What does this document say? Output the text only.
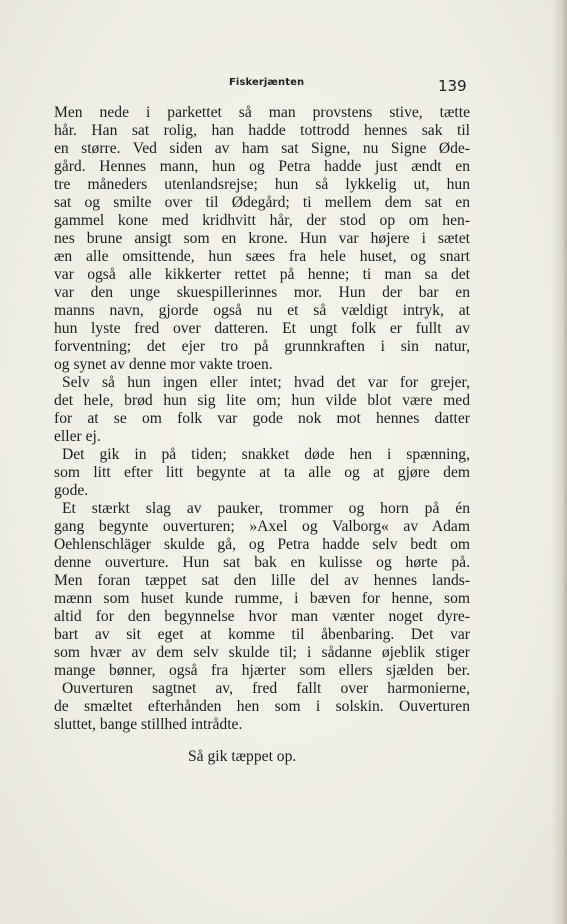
Fiskerjænten	139
Men nede i parkettet så man provstens stive, tætte
hår. Han sat rolig, han hadde tottrodd hennes sak til
en større. Ved siden av ham sat Signe, nu Signe Øde-
gård. Hennes mann, hun og Petra hadde just ændt en
tre måneders utenlandsrejse; hun så lykkelig ut, hun
sat og smilte over til Ødegård; ti mellem dem sat en
gammel kone med kridhvitt hår, der stod op om hen-
nes brune ansigt som en krone. Hun var højere i sætet
æn alle omsittende, hun sæes fra hele huset, og snart
var også alle kikkerter rettet på henne; ti man sa det
var den unge skuespillerinnes mor. Hun der bar en
manns navn, gjorde også nu et så vældigt intryk, at
hun lyste fred over datteren. Et ungt folk er fullt av
forventning; det ejer tro på grunnkraften i sin natur,
og synet av denne mor vakte troen.
Selv så hun ingen eller intet; hvad det var for grejer,
det hele, brød hun sig lite om; hun vilde blot være med
for at se om folk var gode nok mot hennes datter
eller ej.
Det gik in på tiden; snakket døde hen i spænning,
som litt efter litt begynte at ta alle og at gjøre dem
gode.
Et stærkt slag av pauker, trommer og horn på én
gang begynte ouverturen; »Axel og Valborg« av Adam
Oehlenschläger skulde gå, og Petra hadde selv bedt om
denne ouverture. Hun sat bak en kulisse og hørte på.
Men foran tæppet sat den lille del av hennes lands-
mænn som huset kunde rumme, i bæven for henne, som
altid for den begynnelse hvor man vænter noget dyre-
bart av sit eget at komme til åbenbaring. Det var
som hvær av dem selv skulde til; i sådanne øjeblik stiger
mange bønner, også fra hjærter som ellers sjælden ber.
Ouverturen sagtnet av, fred fallt over harmonierne,
de smæltet efterhånden hen som i solskin. Ouverturen
sluttet, bange stillhed intrådte.
Så gik tæppet op.
